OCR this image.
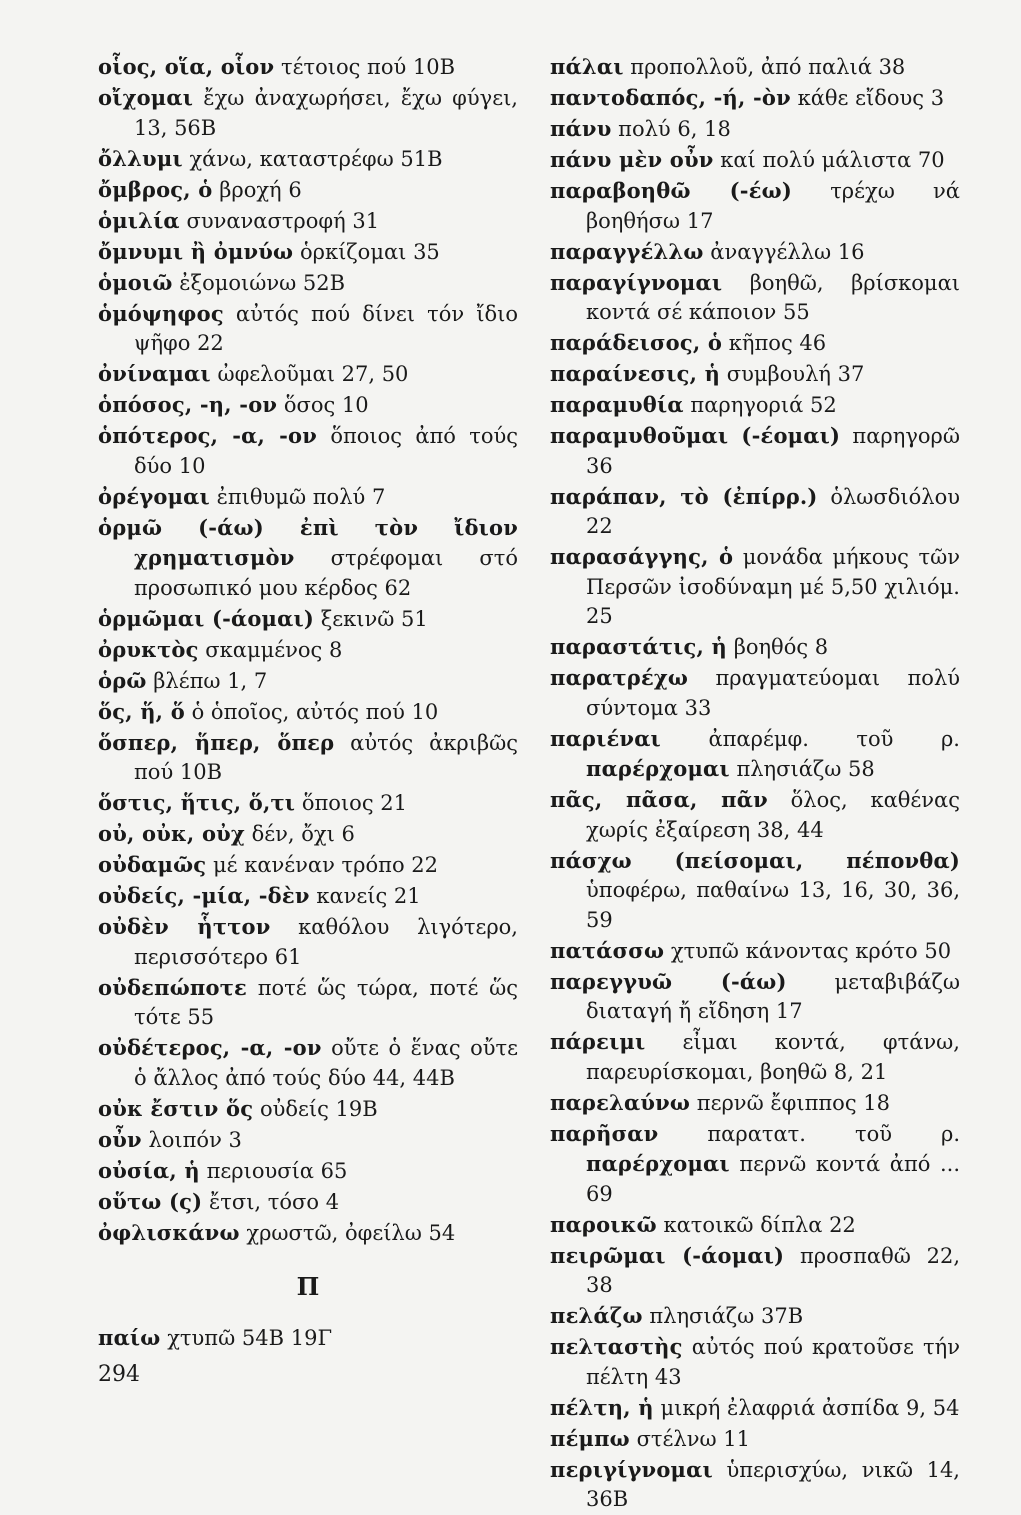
οἷος, οἵα, οἷον τέτοιος πού 10Β
οἴχομαι ἔχω ἀναχωρήσει, ἔχω φύγει, 13, 56Β
ὄλλυμι χάνω, καταστρέφω 51Β
ὄμβρος, ὁ βροχή 6
ὁμιλία συναναστροφή 31
ὄμνυμι ἢ ὀμνύω ὁρκίζομαι 35
ὁμοιῶ ἐξομοιώνω 52Β
ὁμόψηφος αὐτός πού δίνει τόν ἴδιο ψῆφο 22
ὀνίναμαι ὠφελοῦμαι 27, 50
ὁπόσος, -η, -ον ὅσος 10
ὁπότερος, -α, -ον ὅποιος ἀπό τούς δύο 10
ὀρέγομαι ἐπιθυμῶ πολύ 7
ὁρμῶ (-άω) ἐπὶ τὸν ἴδιον χρηματισμὸν στρέφομαι στό προσωπικό μου κέρδος 62
ὁρμῶμαι (-άομαι) ξεκινῶ 51
ὀρυκτὸς σκαμμένος 8
ὁρῶ βλέπω 1, 7
ὅς, ἥ, ὅ ὁ ὁποῖος, αὐτός πού 10
ὅσπερ, ἥπερ, ὅπερ αὐτός ἀκριβῶς πού 10Β
ὅστις, ἥτις, ὅ,τι ὅποιος 21
οὐ, οὐκ, οὐχ δέν, ὄχι 6
οὐδαμῶς μέ κανέναν τρόπο 22
οὐδείς, -μία, -δὲν κανείς 21
οὐδὲν ἧττον καθόλου λιγότερο, περισσότερο 61
οὐδεπώποτε ποτέ ὥς τώρα, ποτέ ὥς τότε 55
οὐδέτερος, -α, -ον οὔτε ὁ ἕνας οὔτε ὁ ἄλλος ἀπό τούς δύο 44, 44Β
οὐκ ἔστιν ὅς οὐδείς 19Β
οὖν λοιπόν 3
οὐσία, ἡ περιουσία 65
οὕτω (ς) ἔτσι, τόσο 4
ὀφλισκάνω χρωστῶ, ὀφείλω 54
Π
παίω χτυπῶ 54Β 19Γ
πάλαι προπολλοῦ, ἀπό παλιά 38
παντοδαπός, -ή, -ὸν κάθε εἴδους 3
πάνυ πολύ 6, 18
πάνυ μὲν οὖν καί πολύ μάλιστα 70
παραβοηθῶ (-έω) τρέχω νά βοηθήσω 17
παραγγέλλω ἀναγγέλλω 16
παραγίγνομαι βοηθῶ, βρίσκομαι κοντά σέ κάποιον 55
παράδεισος, ὁ κῆπος 46
παραίνεσις, ἡ συμβουλή 37
παραμυθία παρηγοριά 52
παραμυθοῦμαι (-έομαι) παρηγορῶ 36
παράπαν, τὸ (ἐπίρρ.) ὁλωσδιόλου 22
παρασάγγης, ὁ μονάδα μήκους τῶν Περσῶν ἰσοδύναμη μέ 5,50 χιλιόμ. 25
παραστάτις, ἡ βοηθός 8
παρατρέχω πραγματεύομαι πολύ σύντομα 33
παριέναι ἀπαρέμφ. τοῦ ρ. παρέρχομαι πλησιάζω 58
πᾶς, πᾶσα, πᾶν ὅλος, καθένας χωρίς ἐξαίρεση 38, 44
πάσχω (πείσομαι, πέπονθα) ὑποφέρω, παθαίνω 13, 16, 30, 36, 59
πατάσσω χτυπῶ κάνοντας κρότο 50
παρεγγυῶ (-άω) μεταβιβάζω διαταγή ἤ εἴδηση 17
πάρειμι εἶμαι κοντά, φτάνω, παρευρίσκομαι, βοηθῶ 8, 21
παρελαύνω περνῶ ἔφιππος 18
παρῆσαν παρατατ. τοῦ ρ. παρέρχομαι περνῶ κοντά ἀπό ... 69
παροικῶ κατοικῶ δίπλα 22
πειρῶμαι (-άομαι) προσπαθῶ 22, 38
πελάζω πλησιάζω 37Β
πελταστὴς αὐτός πού κρατοῦσε τήν πέλτη 43
πέλτη, ἡ μικρή ἐλαφριά ἀσπίδα 9, 54
πέμπω στέλνω 11
περιγίγνομαι ὑπερισχύω, νικῶ 14, 36Β
294
